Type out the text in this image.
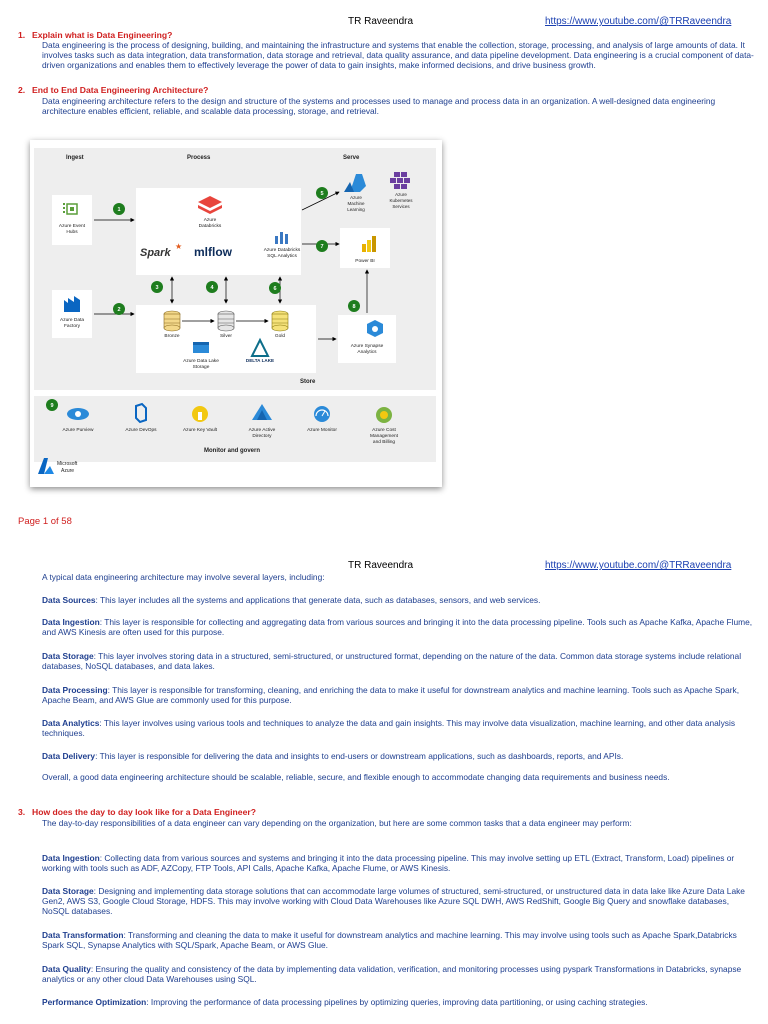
TR Raveendra	https://www.youtube.com/@TRRaveendra
1. Explain what is Data Engineering?
Data engineering is the process of designing, building, and maintaining the infrastructure and systems that enable the collection, storage, processing, and analysis of large amounts of data. It involves tasks such as data integration, data transformation, data storage and retrieval, data quality assurance, and data pipeline development. Data engineering is a crucial component of data-driven organizations and enables them to effectively leverage the power of data to gain insights, make informed decisions, and drive business growth.
2. End to End Data Engineering Architecture?
Data engineering architecture refers to the design and structure of the systems and processes used to manage and process data in an organization. A well-designed data engineering architecture enables efficient, reliable, and scalable data processing, storage, and retrieval.
Ingest	Process	Serve
Store
Monitor and govern
Azure Event
Hubs
Azure Data
Factory
Azure
Databricks
Spark
★ mlflow	Azure Databricks
SQL Analytics
Azure
Machine
Learning
Azure
Kubernetes
Services
Power BI
Bronze	Silver	Gold
Azure Data Lake
Storage
DELTA LAKE
Azure Synapse
Analytics
1
2
3	4
5
6
7
8
9
Azure Purview	Azure DevOps	Azure Key Vault	Azure Active
Directory
Azure Monitor	Azure Cost
Management
and Billing
Microsoft
Azure
Page 1 of 58
TR Raveendra	https://www.youtube.com/@TRRaveendra
A typical data engineering architecture may involve several layers, including:
Data Sources: This layer includes all the systems and applications that generate data, such as databases, sensors, and web services.
Data Ingestion: This layer is responsible for collecting and aggregating data from various sources and bringing it into the data processing pipeline. Tools such as Apache Kafka, Apache Flume, and AWS Kinesis are often used for this purpose.
Data Storage: This layer involves storing data in a structured, semi-structured, or unstructured format, depending on the nature of the data. Common data storage systems include relational databases, NoSQL databases, and data lakes.
Data Processing: This layer is responsible for transforming, cleaning, and enriching the data to make it useful for downstream analytics and machine learning. Tools such as Apache Spark, Apache Beam, and AWS Glue are commonly used for this purpose.
Data Analytics: This layer involves using various tools and techniques to analyze the data and gain insights. This may involve data visualization, machine learning, and other data analysis techniques.
Data Delivery: This layer is responsible for delivering the data and insights to end-users or downstream applications, such as dashboards, reports, and APIs.
Overall, a good data engineering architecture should be scalable, reliable, secure, and flexible enough to accommodate changing data requirements and business needs.
3. How does the day to day look like for a Data Engineer?
The day-to-day responsibilities of a data engineer can vary depending on the organization, but here are some common tasks that a data engineer may perform:
Data Ingestion: Collecting data from various sources and systems and bringing it into the data processing pipeline. This may involve setting up ETL (Extract, Transform, Load) pipelines or working with tools such as ADF, AZCopy, FTP Tools, API Calls, Apache Kafka, Apache Flume, or AWS Kinesis.
Data Storage: Designing and implementing data storage solutions that can accommodate large volumes of structured, semi-structured, or unstructured data in data lake like Azure Data Lake Gen2, AWS S3, Google Cloud Storage, HDFS. This may involve working with Cloud Data Warehouses like Azure SQL DWH, AWS RedShift, Google Big Query and snowflake databases, NoSQL databases.
Data Transformation: Transforming and cleaning the data to make it useful for downstream analytics and machine learning. This may involve using tools such as Apache Spark,Databricks Spark SQL, Synapse Analytics with SQL/Spark, Apache Beam, or AWS Glue.
Data Quality: Ensuring the quality and consistency of the data by implementing data validation, verification, and monitoring processes using pyspark Transformations in Databricks, synapse analytics or any other cloud Data Warehouses using SQL.
Performance Optimization: Improving the performance of data processing pipelines by optimizing queries, improving data partitioning, or using caching strategies.
